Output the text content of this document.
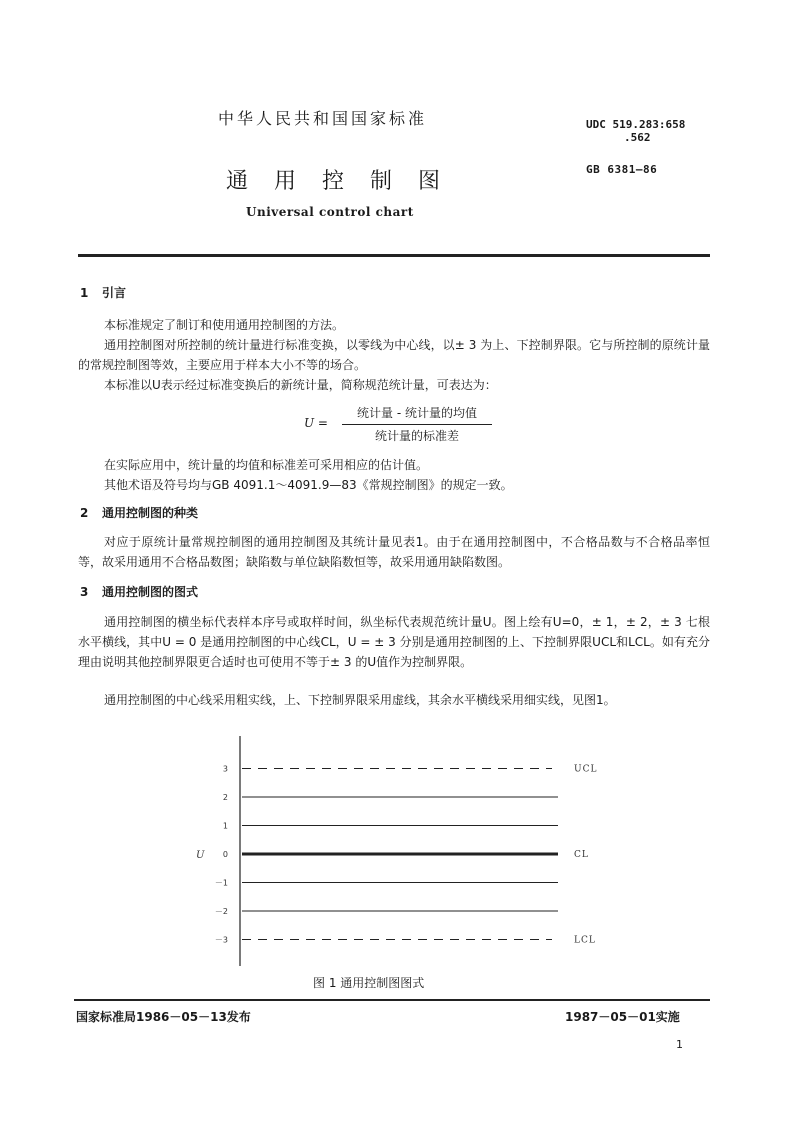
中华人民共和国国家标准
通用控制图
Universal control chart
UDC 519.283:658
.562
GB 6381—86
1 引言
本标准规定了制订和使用通用控制图的方法。
通用控制图对所控制的统计量进行标准变换，以零线为中心线，以± 3 为上、下控制界限。它与所控制的原统计量的常规控制图等效，主要应用于样本大小不等的场合。
本标准以U表示经过标准变换后的新统计量，简称规范统计量，可表达为：
U =
统计量 - 统计量的均值
统计量的标准差
在实际应用中，统计量的均值和标准差可采用相应的估计值。
其他术语及符号均与GB 4091.1～4091.9—83《常规控制图》的规定一致。
2 通用控制图的种类
对应于原统计量常规控制图的通用控制图及其统计量见表1。由于在通用控制图中，不合格品数与不合格品率恒等，故采用通用不合格品数图；缺陷数与单位缺陷数恒等，故采用通用缺陷数图。
3 通用控制图的图式
通用控制图的横坐标代表样本序号或取样时间，纵坐标代表规范统计量U。图上绘有U=0，± 1，± 2，± 3 七根水平横线，其中U = 0 是通用控制图的中心线CL，U = ± 3 分别是通用控制图的上、下控制界限UCL和LCL。如有充分理由说明其他控制界限更合适时也可使用不等于± 3 的U值作为控制界限。
通用控制图的中心线采用粗实线，上、下控制界限采用虚线，其余水平横线采用细实线，见图1。
U
3	UCL
2
1
0	CL
－1
－2
－3	LCL
图 1 通用控制图图式
国家标准局1986－05－13发布	1987－05－01实施
1
